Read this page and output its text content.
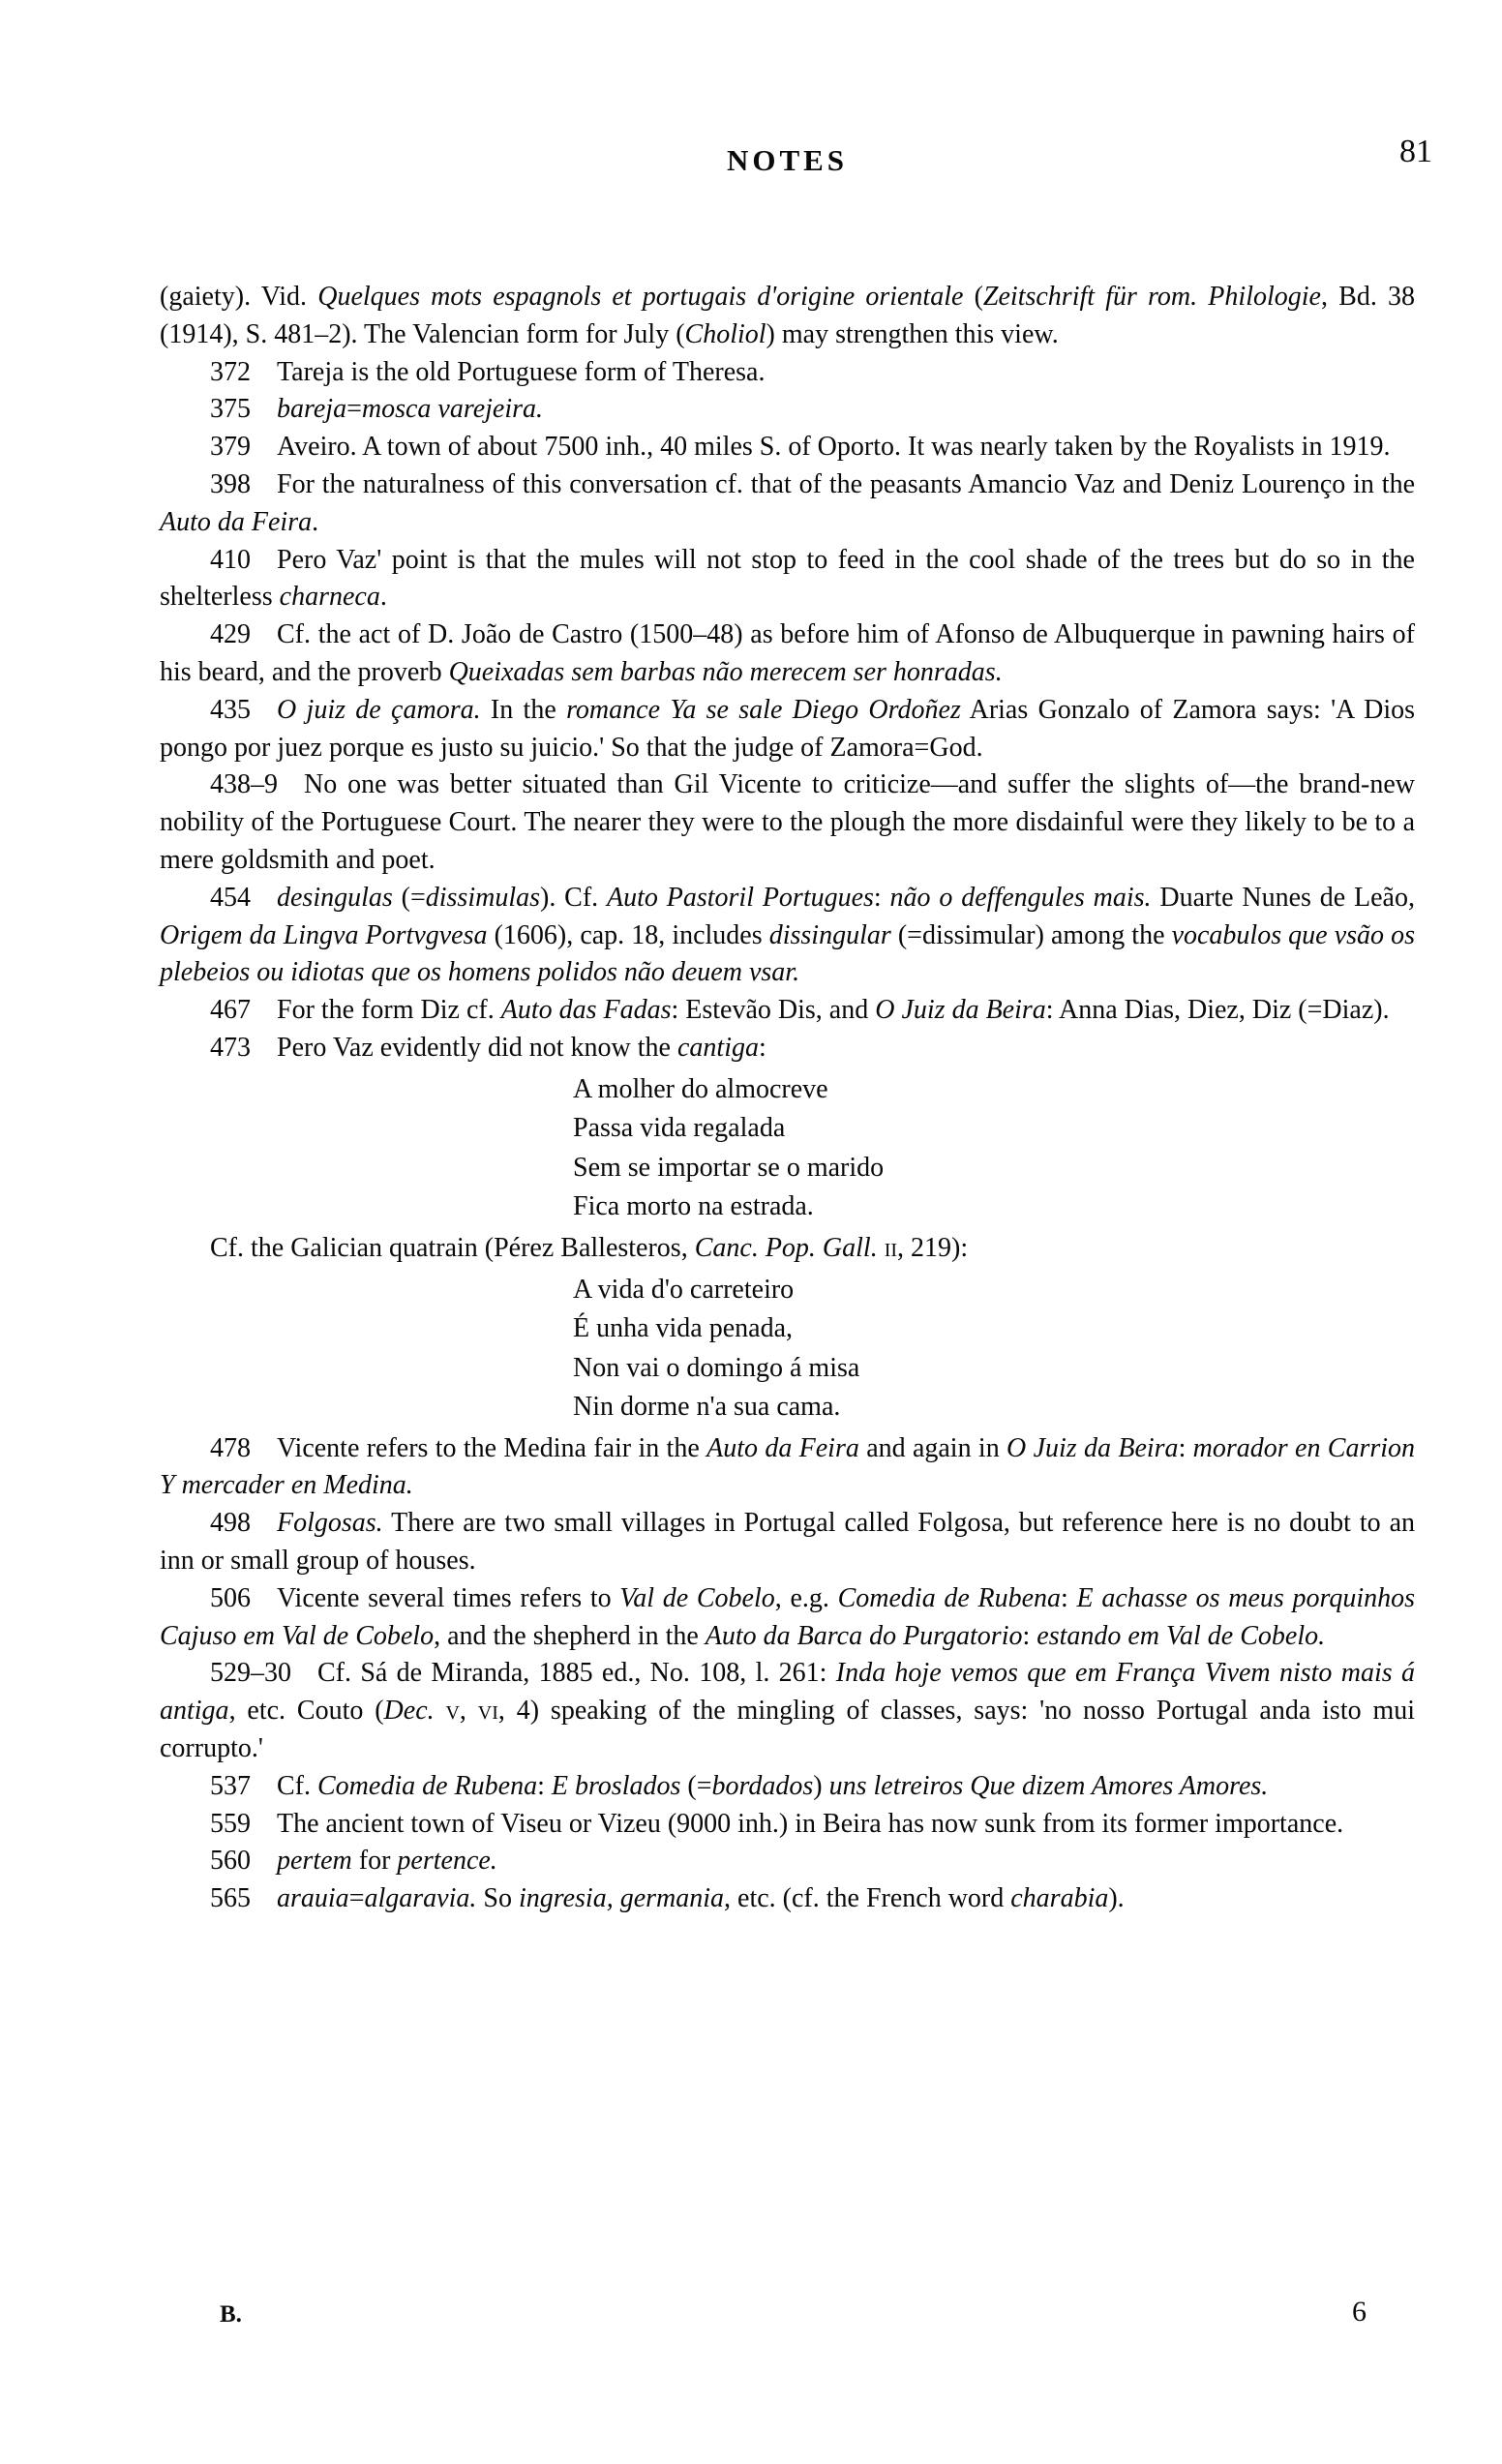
NOTES	81

(gaiety). Vid. Quelques mots espagnols et portugais d'origine orientale (Zeitschrift für rom. Philologie, Bd. 38 (1914), S. 481–2). The Valencian form for July (Choliol) may strengthen this view.

372 Tareja is the old Portuguese form of Theresa.

375 bareja=mosca varejeira.

379 Aveiro. A town of about 7500 inh., 40 miles S. of Oporto. It was nearly taken by the Royalists in 1919.

398 For the naturalness of this conversation cf. that of the peasants Amancio Vaz and Deniz Lourenço in the Auto da Feira.

410 Pero Vaz' point is that the mules will not stop to feed in the cool shade of the trees but do so in the shelterless charneca.

429 Cf. the act of D. João de Castro (1500–48) as before him of Afonso de Albuquerque in pawning hairs of his beard, and the proverb Queixadas sem barbas não merecem ser honradas.

435 O juiz de çamora. In the romance Ya se sale Diego Ordoñez Arias Gonzalo of Zamora says: 'A Dios pongo por juez porque es justo su juicio.' So that the judge of Zamora=God.

438–9 No one was better situated than Gil Vicente to criticize—and suffer the slights of—the brand-new nobility of the Portuguese Court. The nearer they were to the plough the more disdainful were they likely to be to a mere goldsmith and poet.

454 desingulas (=dissimulas). Cf. Auto Pastoril Portugues: não o deffengules mais. Duarte Nunes de Leão, Origem da Lingva Portvgvesa (1606), cap. 18, includes dissingular (=dissimular) among the vocabulos que vsão os plebeios ou idiotas que os homens polidos não deuem vsar.

467 For the form Diz cf. Auto das Fadas: Estevão Dis, and O Juiz da Beira: Anna Dias, Diez, Diz (=Diaz).

473 Pero Vaz evidently did not know the cantiga:

A molher do almocreve
Passa vida regalada
Sem se importar se o marido
Fica morto na estrada.

Cf. the Galician quatrain (Pérez Ballesteros, Canc. Pop. Gall. ii, 219):

A vida d'o carreteiro
É unha vida penada,
Non vai o domingo á misa
Nin dorme n'a sua cama.

478 Vicente refers to the Medina fair in the Auto da Feira and again in O Juiz da Beira: morador en Carrion Y mercader en Medina.

498 Folgosas. There are two small villages in Portugal called Folgosa, but reference here is no doubt to an inn or small group of houses.

506 Vicente several times refers to Val de Cobelo, e.g. Comedia de Rubena: E achasse os meus porquinhos Cajuso em Val de Cobelo, and the shepherd in the Auto da Barca do Purgatorio: estando em Val de Cobelo.

529–30 Cf. Sá de Miranda, 1885 ed., No. 108, l. 261: Inda hoje vemos que em França Vivem nisto mais á antiga, etc. Couto (Dec. v, vi, 4) speaking of the mingling of classes, says: 'no nosso Portugal anda isto mui corrupto.'

537 Cf. Comedia de Rubena: E broslados (=bordados) uns letreiros Que dizem Amores Amores.

559 The ancient town of Viseu or Vizeu (9000 inh.) in Beira has now sunk from its former importance.

560 pertem for pertence.

565 arauia=algaravia. So ingresia, germania, etc. (cf. the French word charabia).

B.	6
